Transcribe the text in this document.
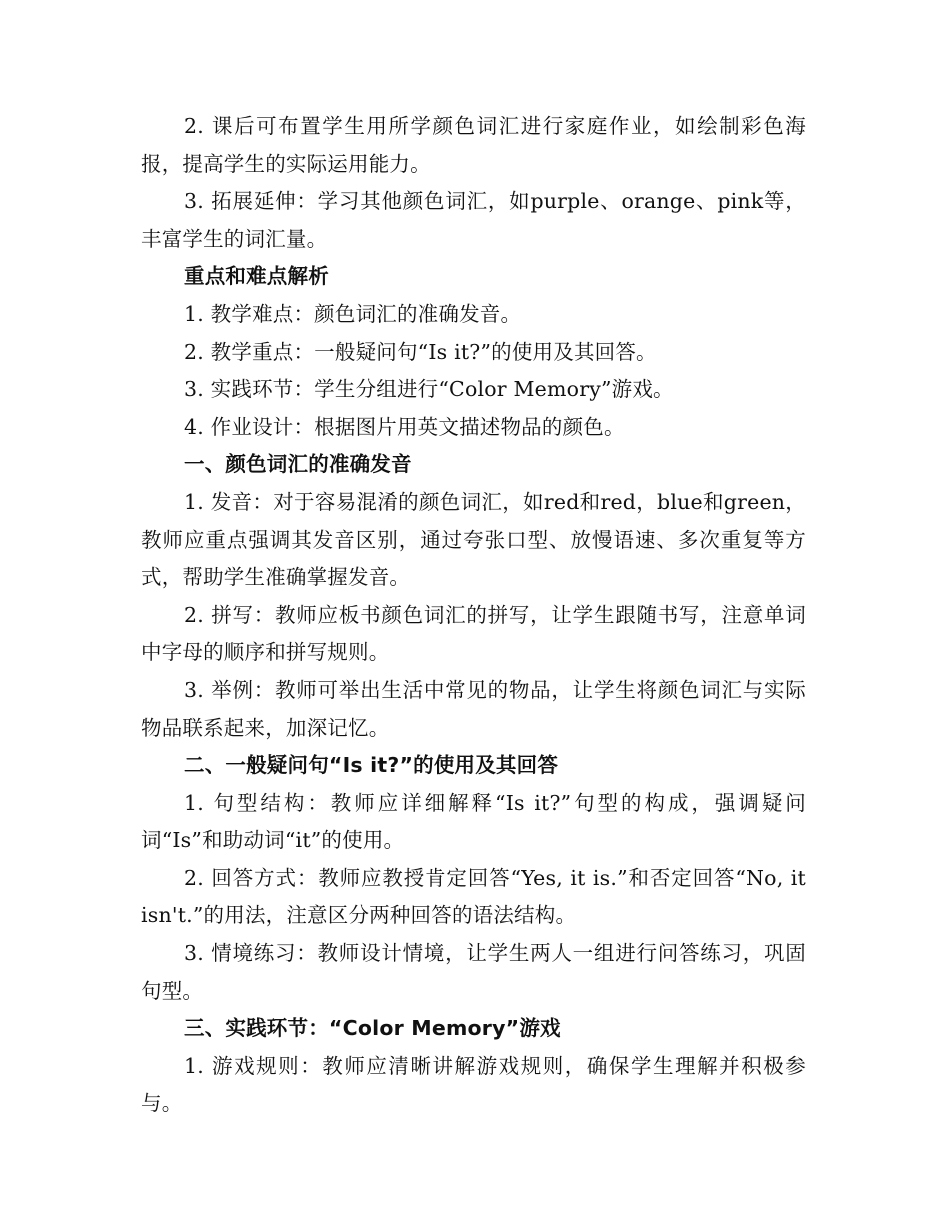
2. 课后可布置学生用所学颜色词汇进行家庭作业，如绘制彩色海报，提高学生的实际运用能力。

3. 拓展延伸：学习其他颜色词汇，如purple、orange、pink等，丰富学生的词汇量。

重点和难点解析

1. 教学难点：颜色词汇的准确发音。

2. 教学重点：一般疑问句“Is it?”的使用及其回答。

3. 实践环节：学生分组进行“Color Memory”游戏。

4. 作业设计：根据图片用英文描述物品的颜色。

一、颜色词汇的准确发音

1. 发音：对于容易混淆的颜色词汇，如red和red，blue和green，教师应重点强调其发音区别，通过夸张口型、放慢语速、多次重复等方式，帮助学生准确掌握发音。

2. 拼写：教师应板书颜色词汇的拼写，让学生跟随书写，注意单词中字母的顺序和拼写规则。

3. 举例：教师可举出生活中常见的物品，让学生将颜色词汇与实际物品联系起来，加深记忆。

二、一般疑问句“Is it?”的使用及其回答

1. 句型结构：教师应详细解释“Is it?”句型的构成，强调疑问词“Is”和助动词“it”的使用。

2. 回答方式：教师应教授肯定回答“Yes, it is.”和否定回答“No, it isn't.”的用法，注意区分两种回答的语法结构。

3. 情境练习：教师设计情境，让学生两人一组进行问答练习，巩固句型。

三、实践环节：“Color Memory”游戏

1. 游戏规则：教师应清晰讲解游戏规则，确保学生理解并积极参与。
